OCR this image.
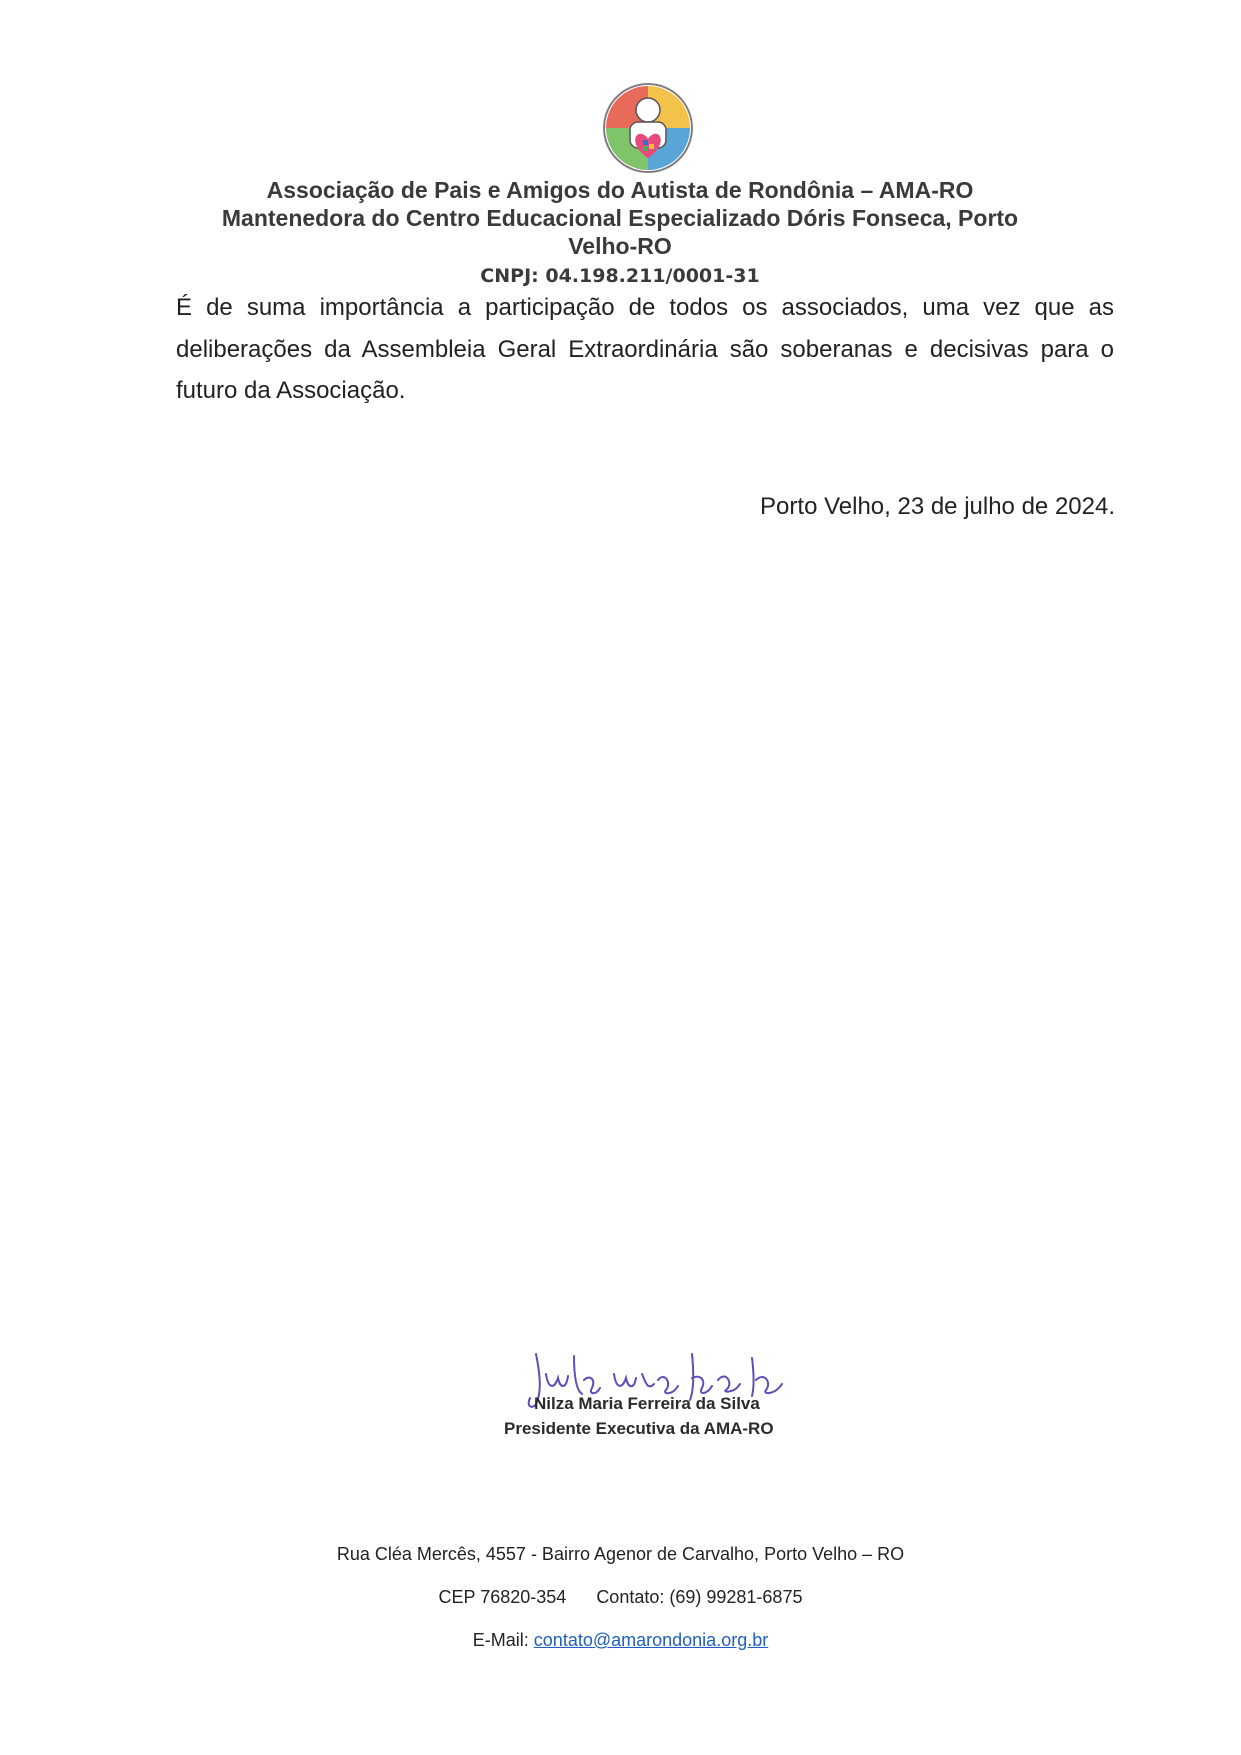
Associação de Pais e Amigos do Autista de Rondônia – AMA-RO
Mantenedora do Centro Educacional Especializado Dóris Fonseca, Porto
Velho-RO
CNPJ: 04.198.211/0001-31
É de suma importância a participação de todos os associados, uma vez que as deliberações da Assembleia Geral Extraordinária são soberanas e decisivas para o futuro da Associação.
Porto Velho, 23 de julho de 2024.
Nilza Maria Ferreira da Silva
Presidente Executiva da AMA-RO
Rua Cléa Mercês, 4557 - Bairro Agenor de Carvalho, Porto Velho – RO
CEP 76820-354 Contato: (69) 99281-6875
E-Mail: contato@amarondonia.org.br
